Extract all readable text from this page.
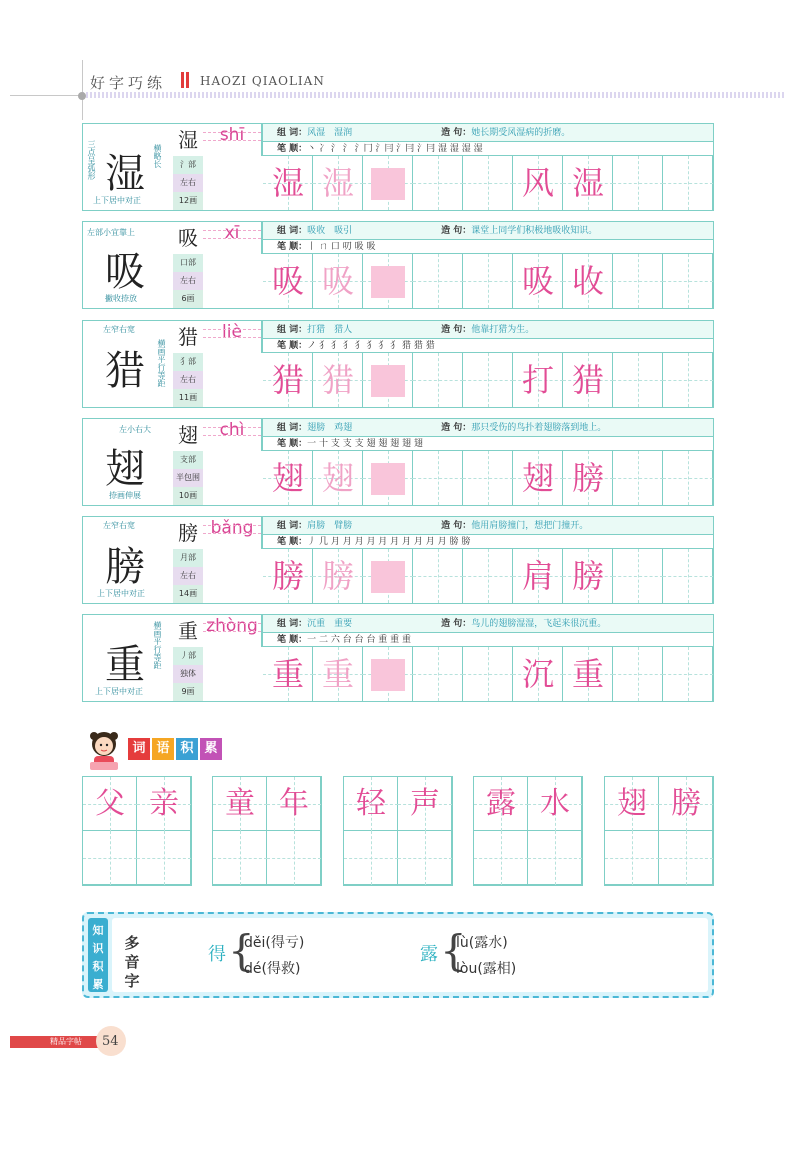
好字巧练	HAOZI QIAOLIAN
湿
三点呈弧形	横略长
上下居中对正
湿
氵部
左右
12画
shī	组 词：风湿　湿润	造 句：她长期受风湿病的折磨。
笔 顺：丶 冫 氵 氵 氵冂 氵冃 氵冃 氵冃 湿 湿 湿 湿
湿 湿	风 湿
吸
左部小宜靠上
撇收捺放
吸
口部
左右
6画
xī	组 词：吸收　吸引	造 句：课堂上同学们积极地吸收知识。
笔 顺：丨 ㄇ 口 叨 吸 吸
吸 吸	吸 收
猎
左窄右宽
横画平行等距
猎
犭部
左右
11画
liè	组 词：打猎　猎人	造 句：他靠打猎为生。
笔 顺：ノ 犭 犭 犭 犭 犭 犭 犭 猎 猎 猎
猎 猎	打 猎
翅
左小右大
捺画伸展
翅
支部
半包围
10画
chì	组 词：翅膀　鸡翅	造 句：那只受伤的鸟扑着翅膀落到地上。
笔 顺：一 十 支 支 支 翅 翅 翅 翅 翅
翅 翅	翅 膀
膀
左窄右宽
上下居中对正
膀
月部
左右
14画
bǎng	组 词：肩膀　臂膀	造 句：他用肩膀撞门，想把门撞开。
笔 顺：丿 几 月 月 月 月 月 月 月 月 月 月 膀 膀
膀 膀	肩 膀
重 横画平行等距
上下居中对正
重
丿部
独体
9画
zhòng	组 词：沉重　重要	造 句：鸟儿的翅膀湿湿，飞起来很沉重。
笔 顺：一 二 六 台 台 台 重 重 重
重 重	沉 重
词 语 积 累
父 亲	童 年	轻 声	露 水	翅 膀
知
识
积
累
多音字
得 {
děi(得亏)
dé(得救)
露 {
lù(露水)
lòu(露相)
精品字帖 54
